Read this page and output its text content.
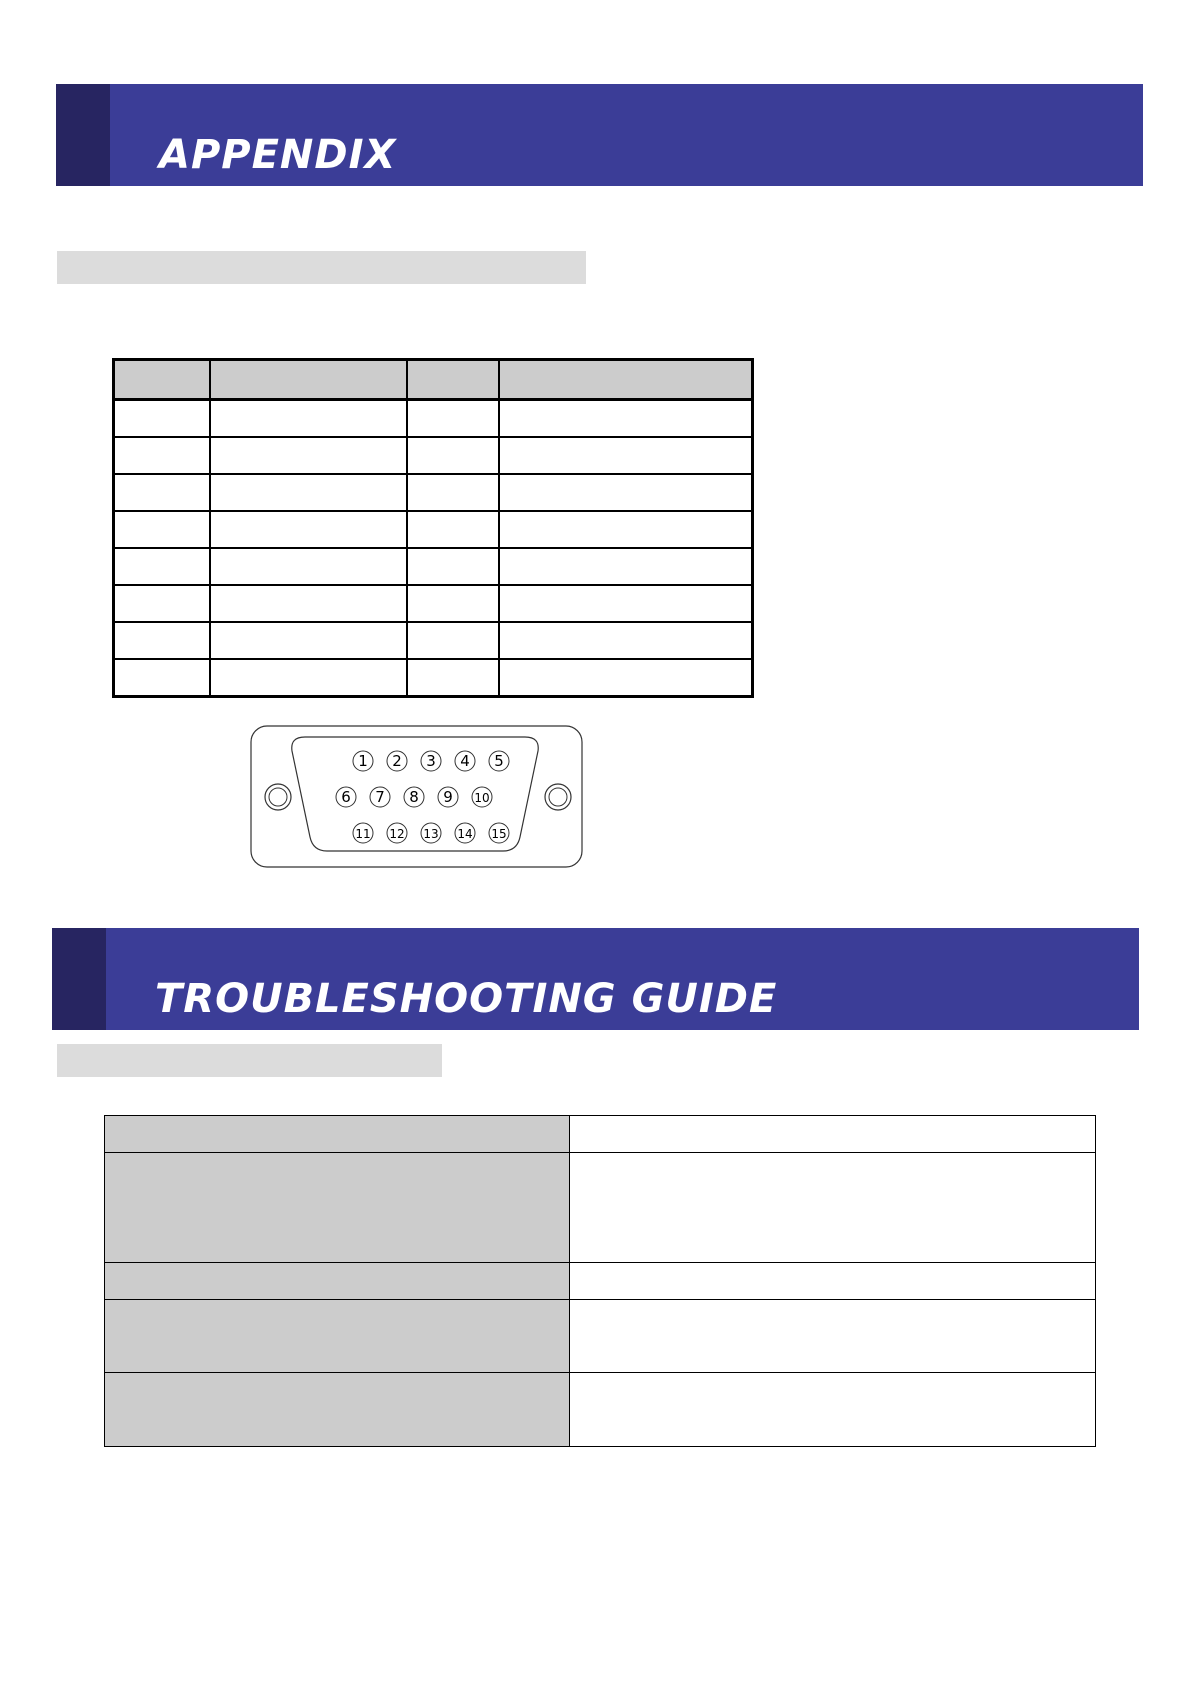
APPENDIX

1 2 3 4 5
6 7 8 9 10
11 12 13 14 15
TROUBLESHOOTING GUIDE
